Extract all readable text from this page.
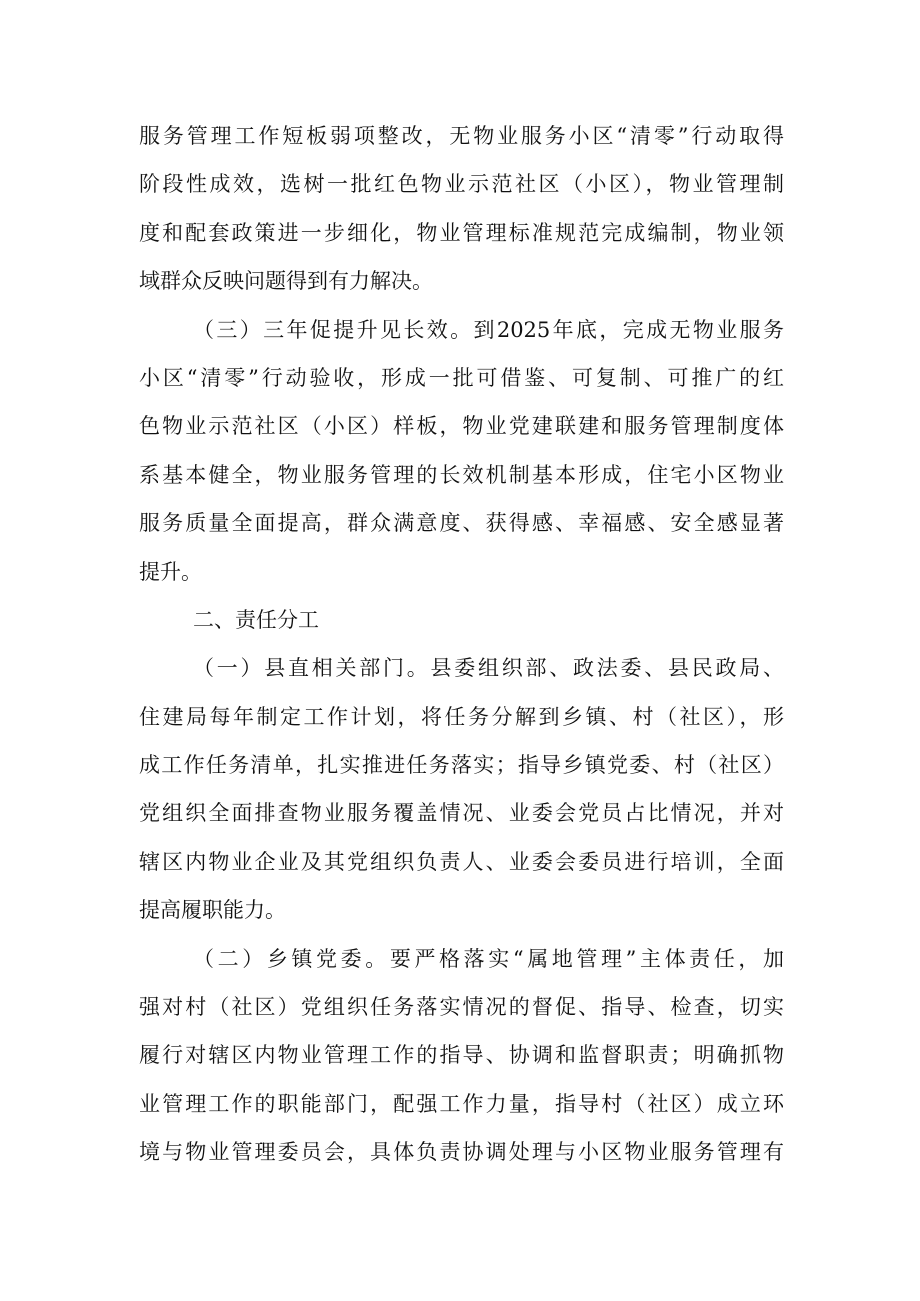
服务管理工作短板弱项整改，无物业服务小区“清零”行动取得
阶段性成效，选树一批红色物业示范社区（小区），物业管理制
度和配套政策进一步细化，物业管理标准规范完成编制，物业领
域群众反映问题得到有力解决。
（三）三年促提升见长效。到2025年底，完成无物业服务
小区“清零”行动验收，形成一批可借鉴、可复制、可推广的红
色物业示范社区（小区）样板，物业党建联建和服务管理制度体
系基本健全，物业服务管理的长效机制基本形成，住宅小区物业
服务质量全面提高，群众满意度、获得感、幸福感、安全感显著
提升。
二、责任分工
（一）县直相关部门。县委组织部、政法委、县民政局、
住建局每年制定工作计划，将任务分解到乡镇、村（社区），形
成工作任务清单，扎实推进任务落实；指导乡镇党委、村（社区）
党组织全面排查物业服务覆盖情况、业委会党员占比情况，并对
辖区内物业企业及其党组织负责人、业委会委员进行培训，全面
提高履职能力。
（二）乡镇党委。要严格落实“属地管理”主体责任，加
强对村（社区）党组织任务落实情况的督促、指导、检查，切实
履行对辖区内物业管理工作的指导、协调和监督职责；明确抓物
业管理工作的职能部门，配强工作力量，指导村（社区）成立环
境与物业管理委员会，具体负责协调处理与小区物业服务管理有
